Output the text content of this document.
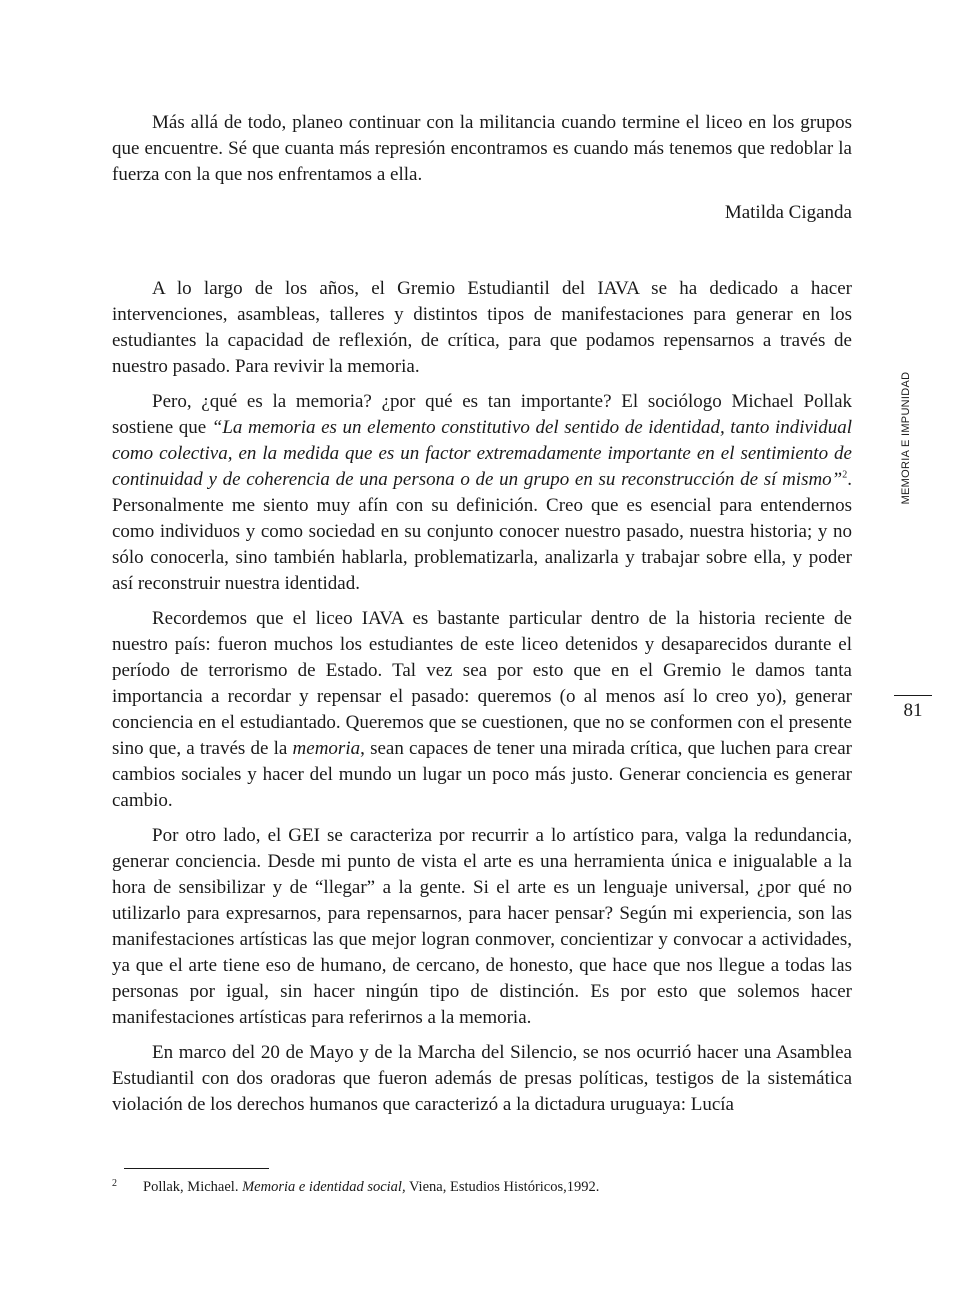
Más allá de todo, planeo continuar con la militancia cuando termine el liceo en los grupos que encuentre. Sé que cuanta más represión encontramos es cuando más tenemos que redoblar la fuerza con la que nos enfrentamos a ella.

Matilda Ciganda

A lo largo de los años, el Gremio Estudiantil del IAVA se ha dedicado a hacer intervenciones, asambleas, talleres y distintos tipos de manifestaciones para generar en los estudiantes la capacidad de reflexión, de crítica, para que podamos repensarnos a través de nuestro pasado. Para revivir la memoria.

Pero, ¿qué es la memoria? ¿por qué es tan importante? El sociólogo Michael Pollak sostiene que “La memoria es un elemento constitutivo del sentido de identidad, tanto individual como colectiva, en la medida que es un factor extremadamente importante en el sentimiento de continuidad y de coherencia de una persona o de un grupo en su reconstrucción de sí mismo”$^2$. Personalmente me siento muy afín con su definición. Creo que es esencial para entendernos como individuos y como sociedad en su conjunto conocer nuestro pasado, nuestra historia; y no sólo conocerla, sino también hablarla, problematizarla, analizarla y trabajar sobre ella, y poder así reconstruir nuestra identidad.

Recordemos que el liceo IAVA es bastante particular dentro de la historia reciente de nuestro país: fueron muchos los estudiantes de este liceo detenidos y desaparecidos durante el período de terrorismo de Estado. Tal vez sea por esto que en el Gremio le damos tanta importancia a recordar y repensar el pasado: queremos (o al menos así lo creo yo), generar conciencia en el estudiantado. Queremos que se cuestionen, que no se conformen con el presente sino que, a través de la memoria, sean capaces de tener una mirada crítica, que luchen para crear cambios sociales y hacer del mundo un lugar un poco más justo. Generar conciencia es generar cambio.

Por otro lado, el GEI se caracteriza por recurrir a lo artístico para, valga la redundancia, generar conciencia. Desde mi punto de vista el arte es una herramienta única e inigualable a la hora de sensibilizar y de “llegar” a la gente. Si el arte es un lenguaje universal, ¿por qué no utilizarlo para expresarnos, para repensarnos, para hacer pensar? Según mi experiencia, son las manifestaciones artísticas las que mejor logran conmover, concientizar y convocar a actividades, ya que el arte tiene eso de humano, de cercano, de honesto, que hace que nos llegue a todas las personas por igual, sin hacer ningún tipo de distinción. Es por esto que solemos hacer manifestaciones artísticas para referirnos a la memoria.

En marco del 20 de Mayo y de la Marcha del Silencio, se nos ocurrió hacer una Asamblea Estudiantil con dos oradoras que fueron además de presas políticas, testigos de la sistemática violación de los derechos humanos que caracterizó a la dictadura uruguaya: Lucía

MEMORIA E IMPUNIDAD
81
2 Pollak, Michael. Memoria e identidad social, Viena, Estudios Históricos,1992.
